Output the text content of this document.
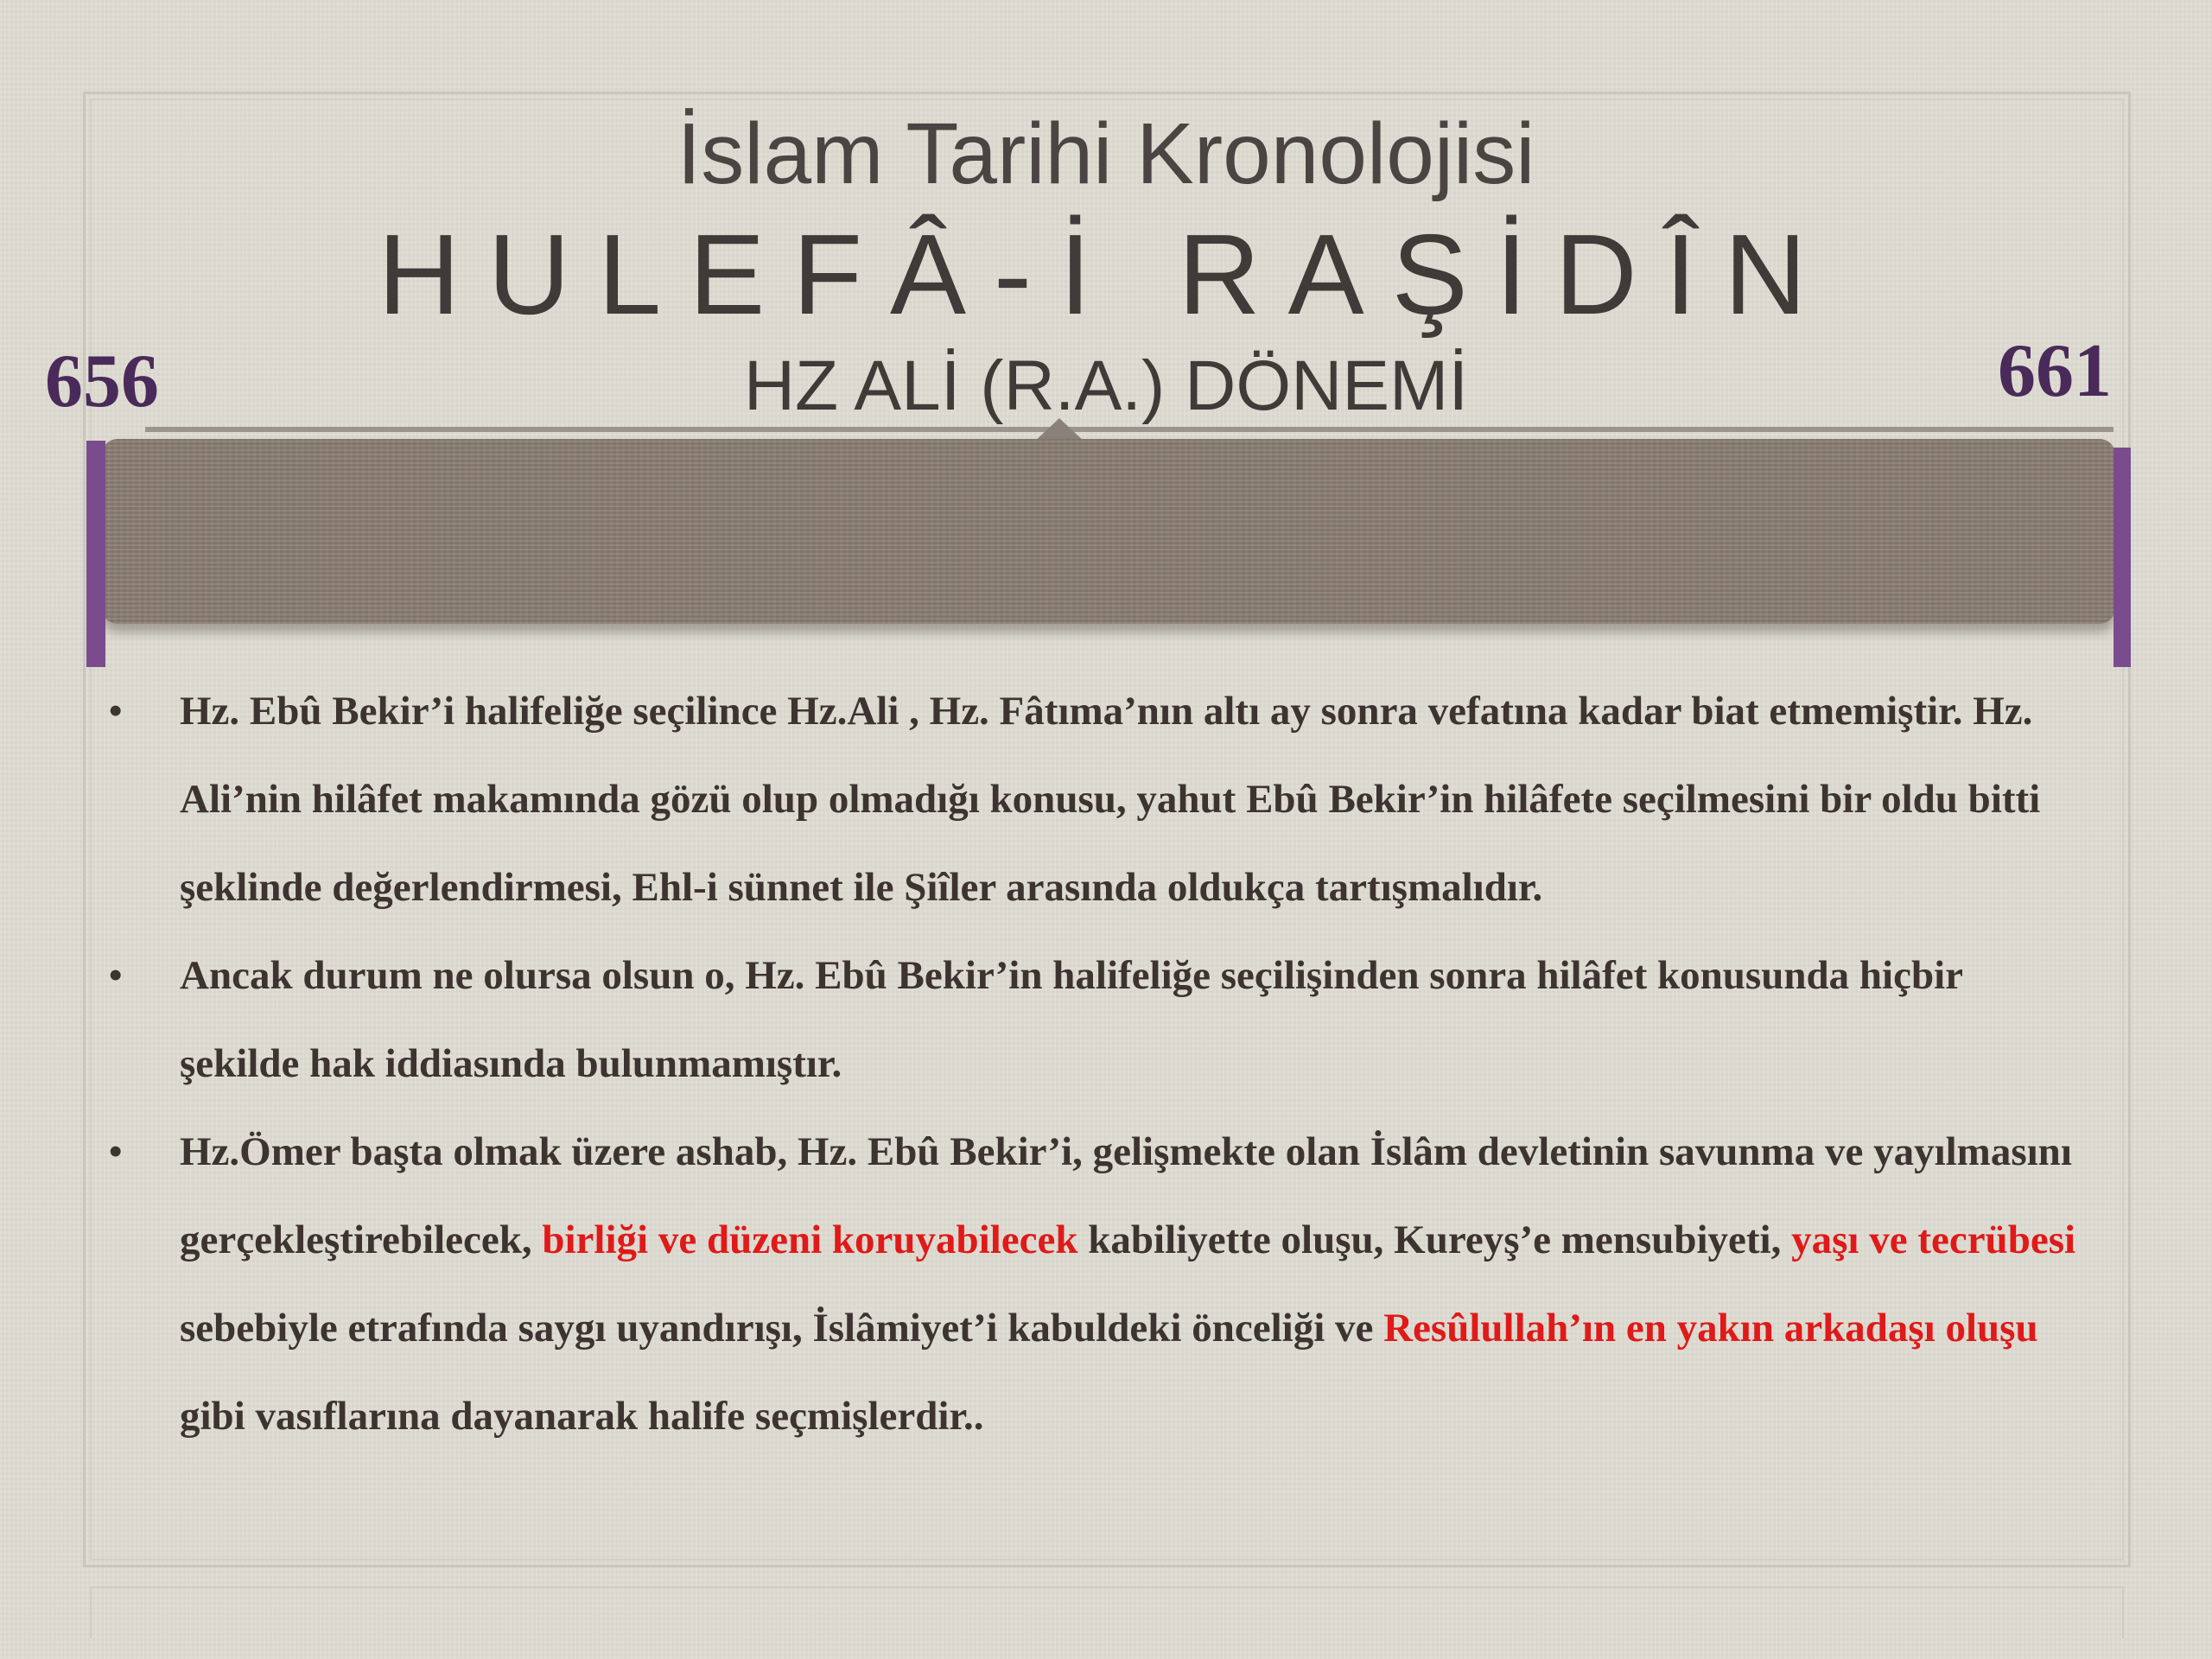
İslam Tarihi Kronolojisi
HULEFÂ-İ RAŞİDÎN
HZ ALİ (R.A.) DÖNEMİ
656	661
• Hz. Ebû Bekir’i halifeliğe seçilince Hz.Ali , Hz. Fâtıma’nın altı ay sonra vefatına kadar biat etmemiştir. Hz. Ali’nin hilâfet makamında gözü olup olmadığı konusu, yahut Ebû Bekir’in hilâfete seçilmesini bir oldu bitti şeklinde değerlendirmesi, Ehl-i sünnet ile Şiîler arasında oldukça tartışmalıdır.
• Ancak durum ne olursa olsun o, Hz. Ebû Bekir’in halifeliğe seçilişinden sonra hilâfet konusunda hiçbir şekilde hak iddiasında bulunmamıştır.
• Hz.Ömer başta olmak üzere ashab, Hz. Ebû Bekir’i, gelişmekte olan İslâm devletinin savunma ve yayılmasını gerçekleştirebilecek, birliği ve düzeni koruyabilecek kabiliyette oluşu, Kureyş’e mensubiyeti, yaşı ve tecrübesi sebebiyle etrafında saygı uyandırışı, İslâmiyet’i kabuldeki önceliği ve Resûlullah’ın en yakın arkadaşı oluşu gibi vasıflarına dayanarak halife seçmişlerdir..
